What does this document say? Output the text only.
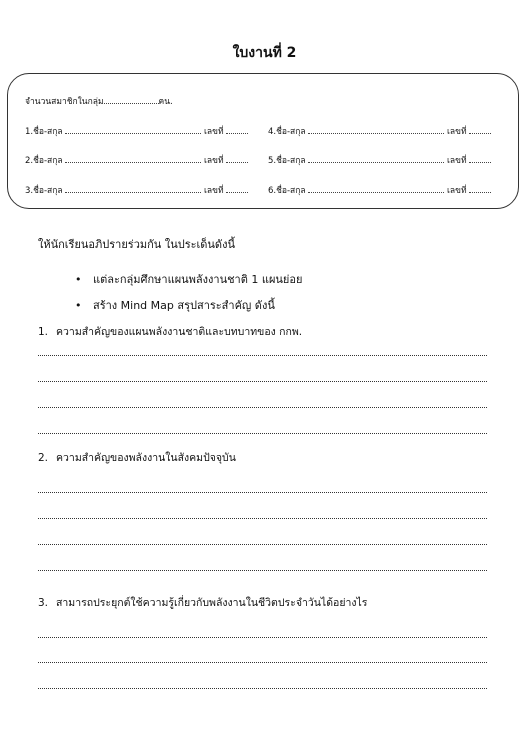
ใบงานที่ 2
จำนวนสมาชิกในกลุ่ม	คน.
1.ชื่อ-สกุล	เลขที่	4.ชื่อ-สกุล	เลขที่
2.ชื่อ-สกุล	เลขที่	5.ชื่อ-สกุล	เลขที่
3.ชื่อ-สกุล	เลขที่	6.ชื่อ-สกุล	เลขที่
ให้นักเรียนอภิปรายร่วมกัน ในประเด็นดังนี้
• แต่ละกลุ่มศึกษาแผนพลังงานชาติ 1 แผนย่อย
• สร้าง Mind Map สรุปสาระสำคัญ ดังนี้
1. ความสำคัญของแผนพลังงานชาติและบทบาทของ กกพ.
2. ความสำคัญของพลังงานในสังคมปัจจุบัน
3. สามารถประยุกต์ใช้ความรู้เกี่ยวกับพลังงานในชีวิตประจำวันได้อย่างไร
